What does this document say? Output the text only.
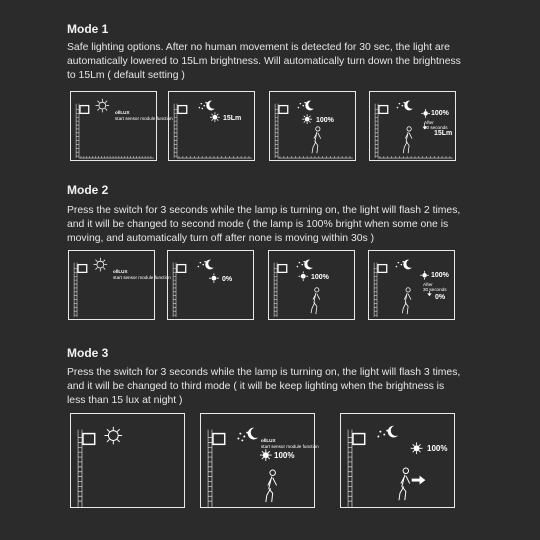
Mode 1
Safe lighting options. After no human movement is detected for 30 sec, the light are
automatically lowered to 15Lm brightness. Will automatically turn down the brightness
to 15Lm ( default setting )
ollLUX
start sensor module function	15Lm	100%
100%
After
30 seconds
15Lm
Mode 2
Press the switch for 3 seconds while the lamp is turning on, the light will flash 2 times,
and it will be changed to second mode ( the lamp is 100% bright when some one is
moving, and automatically turn off after none is moving within 30s )
ollLUX
start sensor module function	0%	100%	100%
After
30 seconds
0%
Mode 3
Press the switch for 3 seconds while the lamp is turning on, the light will flash 3 times,
and it will be changed to third mode ( it will be keep lighting when the brightness is
less than 15 lux at night )
ollLUX
start sensor module function
100%
100%
